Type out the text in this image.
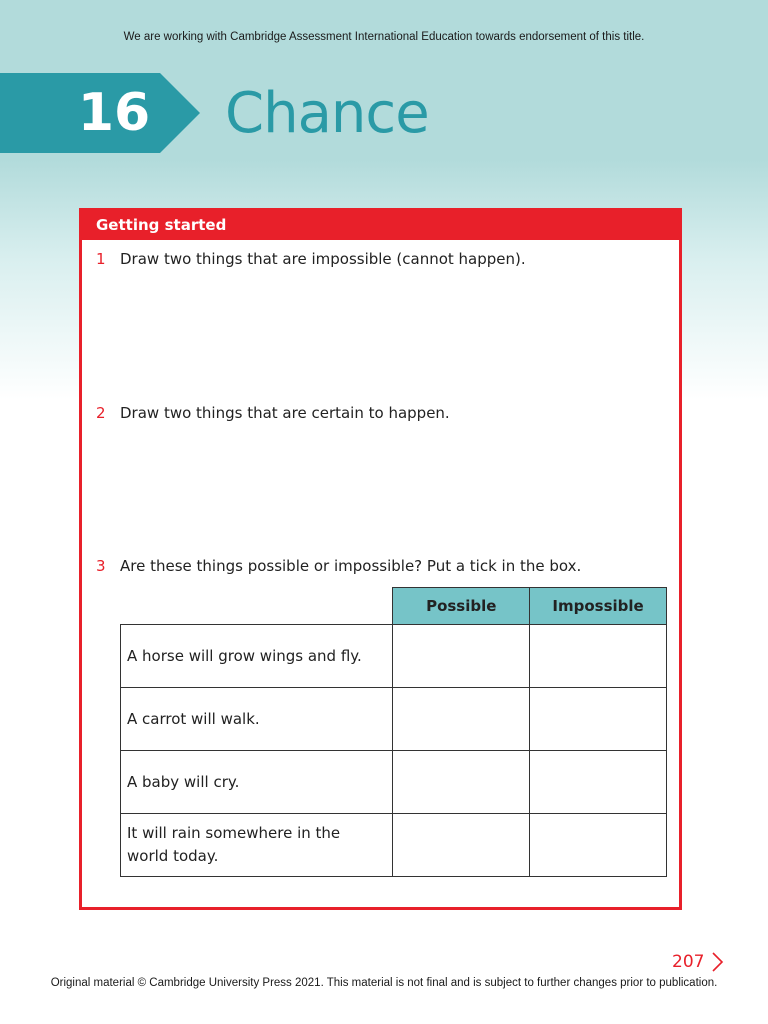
We are working with Cambridge Assessment International Education towards endorsement of this title.
16	Chance
Getting started
1 Draw two things that are impossible (cannot happen).
2 Draw two things that are certain to happen.
3 Are these things possible or impossible? Put a tick in the box.
	Possible	Impossible
A horse will grow wings and fly.		
A carrot will walk.		
A baby will cry.		
It will rain somewhere in the
world today.		
207
Original material © Cambridge University Press 2021. This material is not final and is subject to further changes prior to publication.
